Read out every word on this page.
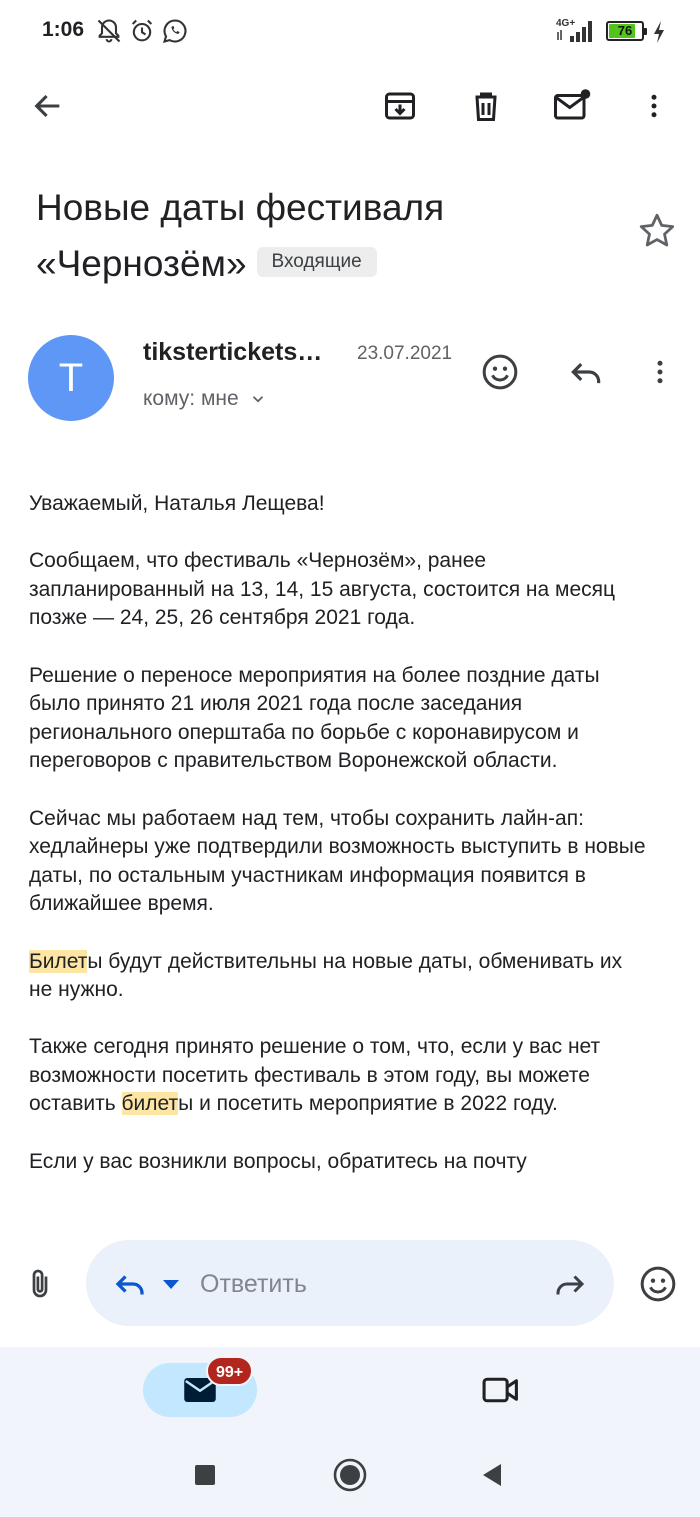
1:06	4G+	76
Новые даты фестиваля «Чернозём» Входящие
T
tikstertickets…	23.07.2021
кому: мне

Уважаемый, Наталья Лещева!

Сообщаем, что фестиваль «Чернозём», ранее запланированный на 13, 14, 15 августа, состоится на месяц позже — 24, 25, 26 сентября 2021 года.

Решение о переносе мероприятия на более поздние даты было принято 21 июля 2021 года после заседания регионального оперштаба по борьбе с коронавирусом и переговоров с правительством Воронежской области.

Сейчас мы работаем над тем, чтобы сохранить лайн-ап: хедлайнеры уже подтвердили возможность выступить в новые даты, по остальным участникам информация появится в ближайшее время.

Билеты будут действительны на новые даты, обменивать их не нужно.

Также сегодня принято решение о том, что, если у вас нет возможности посетить фестиваль в этом году, вы можете оставить билеты и посетить мероприятие в 2022 году.

Если у вас возникли вопросы, обратитесь на почту

Ответить
99+
